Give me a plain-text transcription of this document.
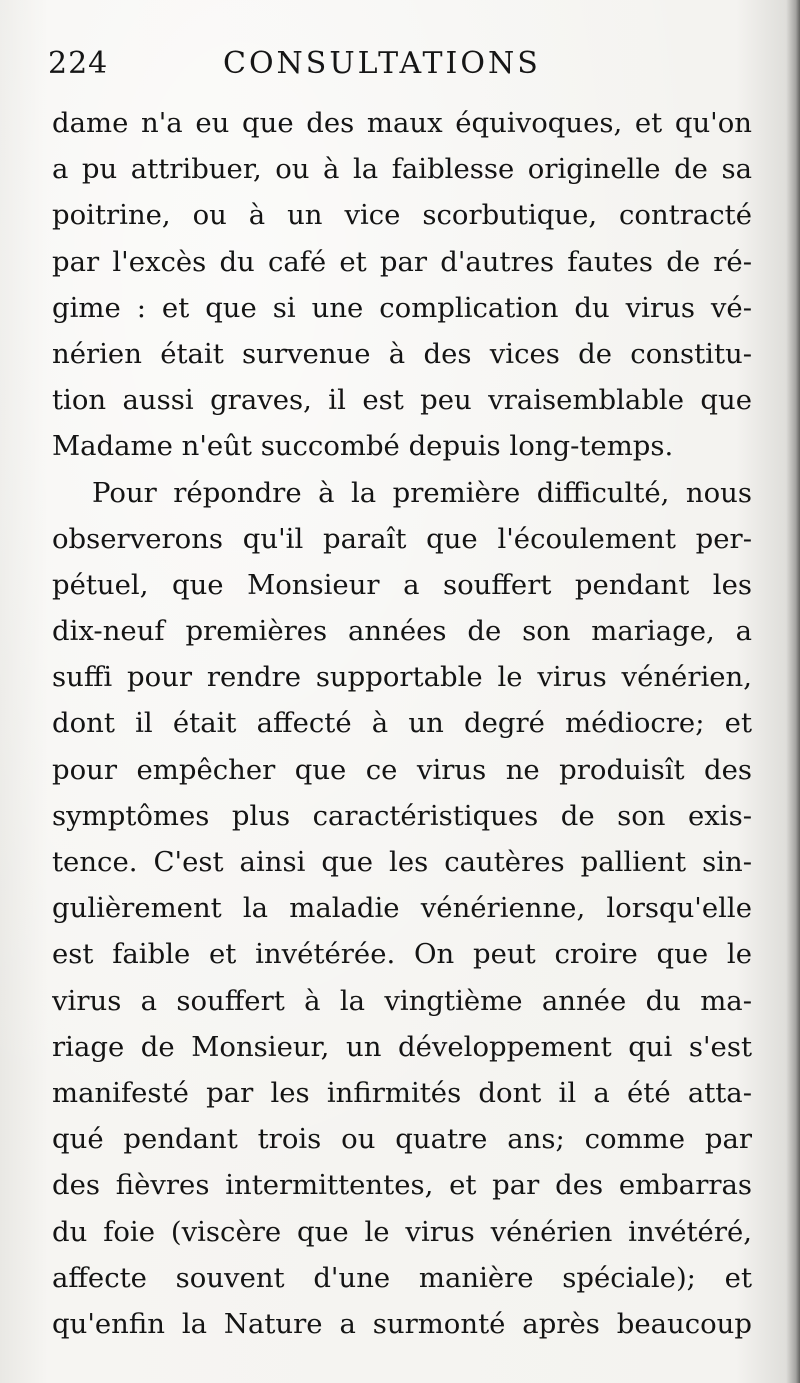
224	CONSULTATIONS
dame n'a eu que des maux équivoques, et qu'on
a pu attribuer, ou à la faiblesse originelle de sa
poitrine, ou à un vice scorbutique, contracté
par l'excès du café et par d'autres fautes de ré-
gime : et que si une complication du virus vé-
nérien était survenue à des vices de constitu-
tion aussi graves, il est peu vraisemblable que
Madame n'eût succombé depuis long-temps.
Pour répondre à la première difficulté, nous
observerons qu'il paraît que l'écoulement per-
pétuel, que Monsieur a souffert pendant les
dix-neuf premières années de son mariage, a
suffi pour rendre supportable le virus vénérien,
dont il était affecté à un degré médiocre; et
pour empêcher que ce virus ne produisît des
symptômes plus caractéristiques de son exis-
tence. C'est ainsi que les cautères pallient sin-
gulièrement la maladie vénérienne, lorsqu'elle
est faible et invétérée. On peut croire que le
virus a souffert à la vingtième année du ma-
riage de Monsieur, un développement qui s'est
manifesté par les infirmités dont il a été atta-
qué pendant trois ou quatre ans; comme par
des fièvres intermittentes, et par des embarras
du foie (viscère que le virus vénérien invétéré,
affecte souvent d'une manière spéciale); et
qu'enfin la Nature a surmonté après beaucoup
